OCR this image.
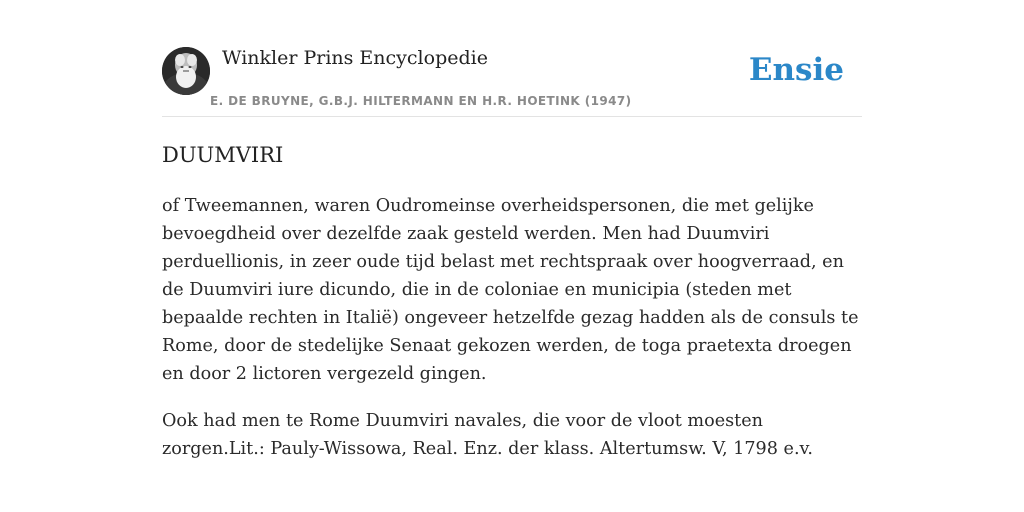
Winkler Prins Encyclopedie
E. DE BRUYNE, G.B.J. HILTERMANN EN H.R. HOETINK (1947)
Ensie
DUUMVIRI

of Tweemannen, waren Oudromeinse overheidspersonen, die met gelijke bevoegdheid over dezelfde zaak gesteld werden. Men had Duumviri perduellionis, in zeer oude tijd belast met rechtspraak over hoogverraad, en de Duumviri iure dicundo, die in de coloniae en municipia (steden met bepaalde rechten in Italië) ongeveer hetzelfde gezag hadden als de consuls te Rome, door de stedelijke Senaat gekozen werden, de toga praetexta droegen en door 2 lictoren vergezeld gingen.

Ook had men te Rome Duumviri navales, die voor de vloot moesten zorgen.Lit.: Pauly-Wissowa, Real. Enz. der klass. Altertumsw. V, 1798 e.v.
